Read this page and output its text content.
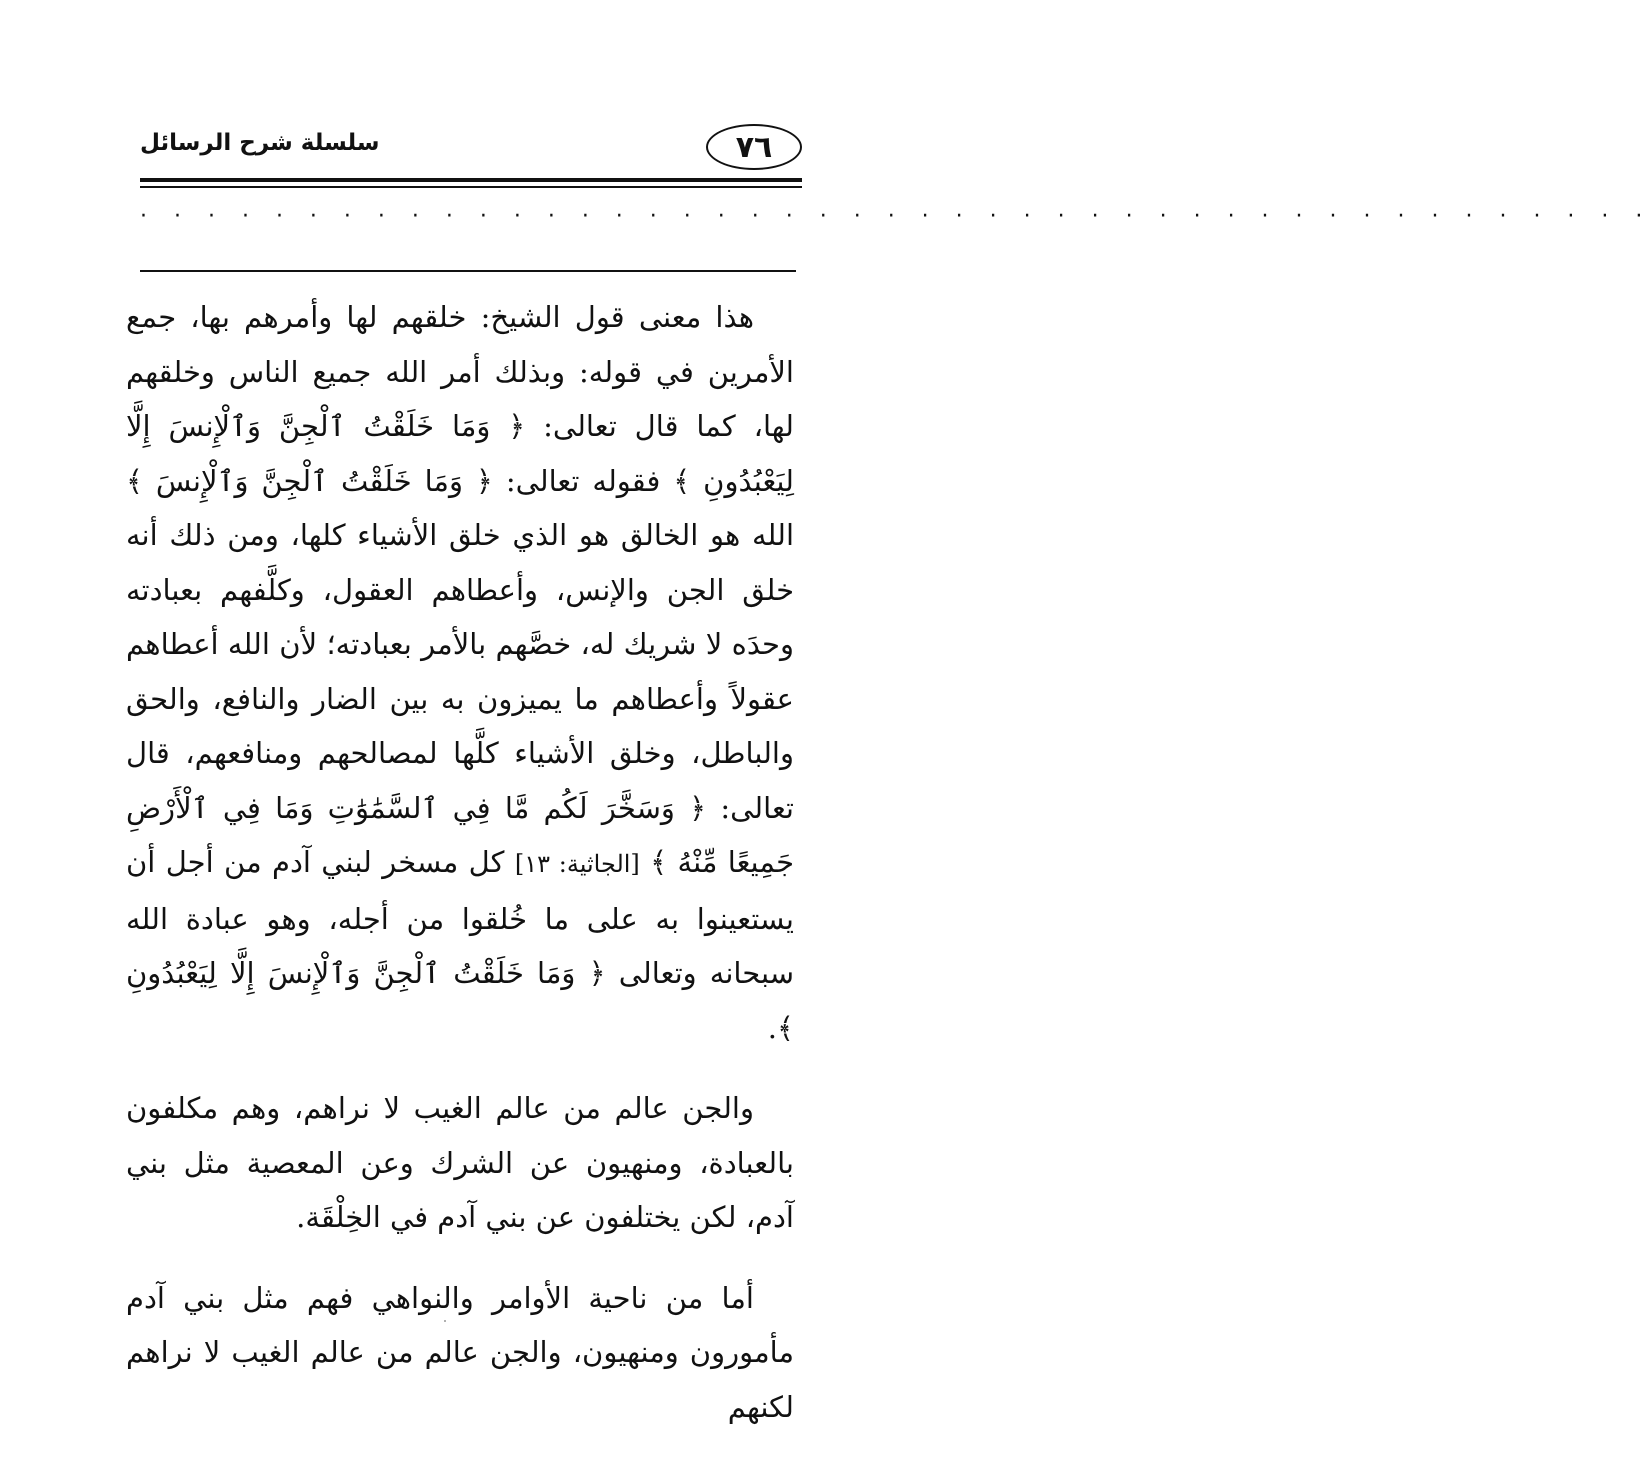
٧٦
سلسلة شرح الرسائل
· · · · · · · · · · · · · · · · · · · · · · · · · · · · · · · · · · · · · · · · · · · · ·

هذا معنى قول الشيخ: خلقهم لها وأمرهم بها، جمع الأمرين في قوله: وبذلك أمر الله جميع الناس وخلقهم لها، كما قال تعالى: ﴿ وَمَا خَلَقْتُ ٱلْجِنَّ وَٱلْإِنسَ إِلَّا لِيَعْبُدُونِ ﴾ فقوله تعالى: ﴿ وَمَا خَلَقْتُ ٱلْجِنَّ وَٱلْإِنسَ ﴾ الله هو الخالق هو الذي خلق الأشياء كلها، ومن ذلك أنه خلق الجن والإنس، وأعطاهم العقول، وكلَّفهم بعبادته وحدَه لا شريك له، خصَّهم بالأمر بعبادته؛ لأن الله أعطاهم عقولاً وأعطاهم ما يميزون به بين الضار والنافع، والحق والباطل، وخلق الأشياء كلَّها لمصالحهم ومنافعهم، قال تعالى: ﴿ وَسَخَّرَ لَكُم مَّا فِي ٱلسَّمَٰوَٰتِ وَمَا فِي ٱلْأَرْضِ جَمِيعًا مِّنْهُ ﴾ [الجاثية: ١٣] كل مسخر لبني آدم من أجل أن يستعينوا به على ما خُلقوا من أجله، وهو عبادة الله سبحانه وتعالى ﴿ وَمَا خَلَقْتُ ٱلْجِنَّ وَٱلْإِنسَ إِلَّا لِيَعْبُدُونِ ﴾.

والجن عالم من عالم الغيب لا نراهم، وهم مكلفون بالعبادة، ومنهيون عن الشرك وعن المعصية مثل بني آدم، لكن يختلفون عن بني آدم في الخِلْقَة.

أما من ناحية الأوامر والنواهي فهم مثل بني آدم مأمورون ومنهيون، والجن عالم من عالم الغيب لا نراهم لكنهم
